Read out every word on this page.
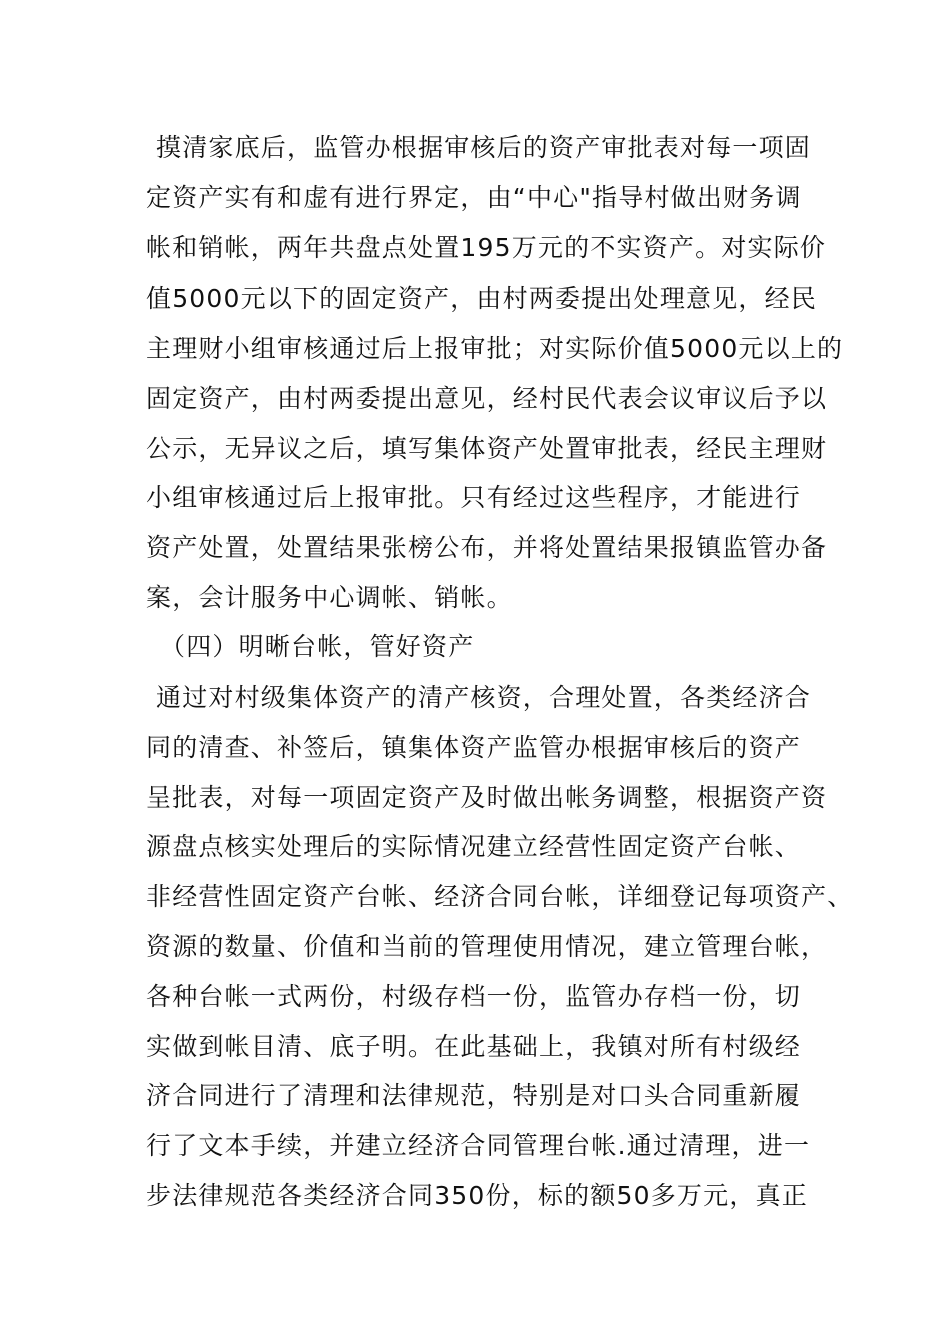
摸清家底后，监管办根据审核后的资产审批表对每一项固
定资产实有和虚有进行界定，由“中心"指导村做出财务调
帐和销帐，两年共盘点处置195万元的不实资产。对实际价
值5000元以下的固定资产，由村两委提出处理意见，经民
主理财小组审核通过后上报审批；对实际价值5000元以上的
固定资产，由村两委提出意见，经村民代表会议审议后予以
公示，无异议之后，填写集体资产处置审批表，经民主理财
小组审核通过后上报审批。只有经过这些程序，才能进行
资产处置，处置结果张榜公布，并将处置结果报镇监管办备
案，会计服务中心调帐、销帐。
（四）明晰台帐，管好资产
通过对村级集体资产的清产核资，合理处置，各类经济合
同的清查、补签后，镇集体资产监管办根据审核后的资产
呈批表，对每一项固定资产及时做出帐务调整，根据资产资
源盘点核实处理后的实际情况建立经营性固定资产台帐、
非经营性固定资产台帐、经济合同台帐，详细登记每项资产、
资源的数量、价值和当前的管理使用情况，建立管理台帐，
各种台帐一式两份，村级存档一份，监管办存档一份，切
实做到帐目清、底子明。在此基础上，我镇对所有村级经
济合同进行了清理和法律规范，特别是对口头合同重新履
行了文本手续，并建立经济合同管理台帐.通过清理，进一
步法律规范各类经济合同350份，标的额50多万元，真正
